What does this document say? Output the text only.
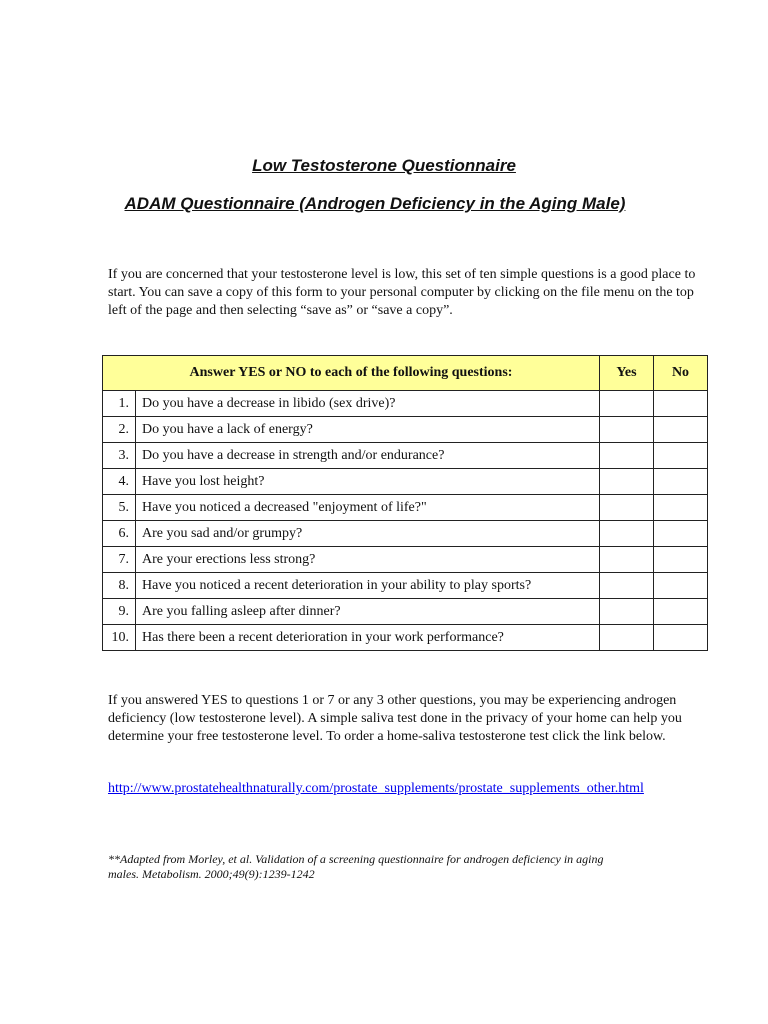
Low Testosterone Questionnaire
ADAM Questionnaire (Androgen Deficiency in the Aging Male)

If you are concerned that your testosterone level is low, this set of ten simple questions is a good place to start. You can save a copy of this form to your personal computer by clicking on the file menu on the top left of the page and then selecting “save as” or “save a copy”.

Answer YES or NO to each of the following questions:		Yes	No
1.	Do you have a decrease in libido (sex drive)?		
2.	Do you have a lack of energy?		
3.	Do you have a decrease in strength and/or endurance?		
4.	Have you lost height?		
5.	Have you noticed a decreased "enjoyment of life?"		
6.	Are you sad and/or grumpy?		
7.	Are your erections less strong?		
8.	Have you noticed a recent deterioration in your ability to play sports?		
9.	Are you falling asleep after dinner?		
10.	Has there been a recent deterioration in your work performance?		

If you answered YES to questions 1 or 7 or any 3 other questions, you may be experiencing androgen deficiency (low testosterone level). A simple saliva test done in the privacy of your home can help you determine your free testosterone level. To order a home-saliva testosterone test click the link below.

http://www.prostatehealthnaturally.com/prostate_supplements/prostate_supplements_other.html

**Adapted from Morley, et al. Validation of a screening questionnaire for androgen deficiency in aging males. Metabolism. 2000;49(9):1239-1242
